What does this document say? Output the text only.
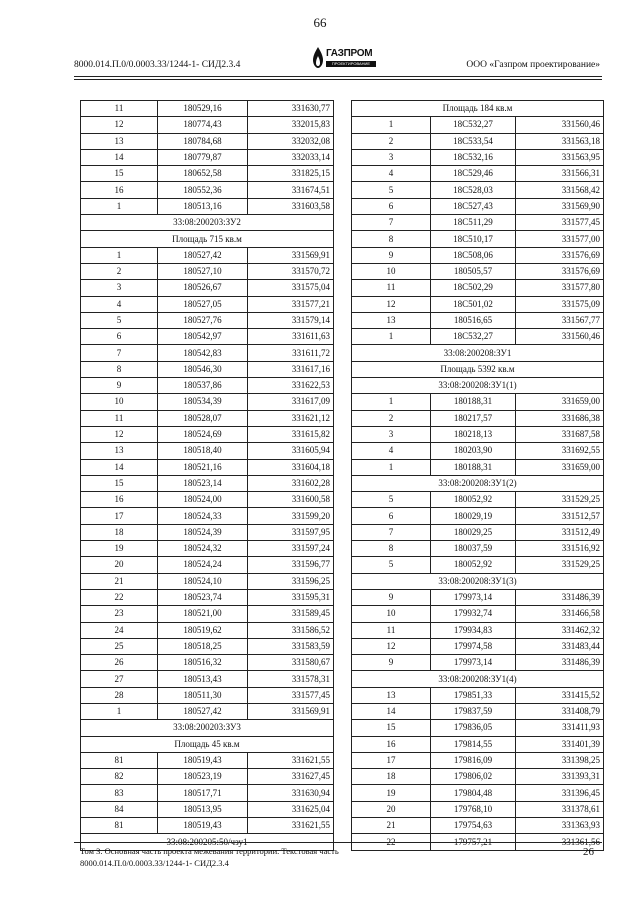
66
8000.014.П.0/0.0003.33/1244-1- СИД2.3.4
ГАЗПРОМ
ПРОЕКТИРОВАНИЕ	ООО «Газпром проектирование»
11	180529,16	331630,77
12	180774,43	332015,83
13	180784,68	332032,08
14	180779,87	332033,14
15	180652,58	331825,15
16	180552,36	331674,51
1	180513,16	331603,58
33:08:200203:ЗУ2		
Площадь 715 кв.м		
1	180527,42	331569,91
2	180527,10	331570,72
3	180526,67	331575,04
4	180527,05	331577,21
5	180527,76	331579,14
6	180542,97	331611,63
7	180542,83	331611,72
8	180546,30	331617,16
9	180537,86	331622,53
10	180534,39	331617,09
11	180528,07	331621,12
12	180524,69	331615,82
13	180518,40	331605,94
14	180521,16	331604,18
15	180523,14	331602,28
16	180524,00	331600,58
17	180524,33	331599,20
18	180524,39	331597,95
19	180524,32	331597,24
20	180524,24	331596,77
21	180524,10	331596,25
22	180523,74	331595,31
23	180521,00	331589,45
24	180519,62	331586,52
25	180518,25	331583,59
26	180516,32	331580,67
27	180513,43	331578,31
28	180511,30	331577,45
1	180527,42	331569,91
33:08:200203:ЗУ3		
Площадь 45 кв.м		
81	180519,43	331621,55
82	180523,19	331627,45
83	180517,71	331630,94
84	180513,95	331625,04
81	180519,43	331621,55
33:08:200205:50/чзу1		
Площадь 184 кв.м		
1	18C532,27	331560,46
2	18C533,54	331563,18
3	18C532,16	331563,95
4	18C529,46	331566,31
5	18C528,03	331568,42
6	18C527,43	331569,90
7	18C511,29	331577,45
8	18C510,17	331577,00
9	18C508,06	331576,69
10	180505,57	331576,69
11	18C502,29	331577,80
12	18C501,02	331575,09
13	180516,65	331567,77
1	18C532,27	331560,46
33:08:200208:ЗУ1		
Площадь 5392 кв.м		
33:08:200208:ЗУ1(1)		
1	180188,31	331659,00
2	180217,57	331686,38
3	180218,13	331687,58
4	180203,90	331692,55
1	180188,31	331659,00
33:08:200208:ЗУ1(2)		
5	180052,92	331529,25
6	180029,19	331512,57
7	180029,25	331512,49
8	180037,59	331516,92
5	180052,92	331529,25
33:08:200208:ЗУ1(3)		
9	179973,14	331486,39
10	179932,74	331466,58
11	179934,83	331462,32
12	179974,58	331483,44
9	179973,14	331486,39
33:08:200208:ЗУ1(4)		
13	179851,33	331415,52
14	179837,59	331408,79
15	179836,05	331411,93
16	179814,55	331401,39
17	179816,09	331398,25
18	179806,02	331393,31
19	179804,48	331396,45
20	179768,10	331378,61
21	179754,63	331363,93
22	179757,21	331361,56
Том 3. Основная часть проекта межевания территории. Текстовая часть
8000.014.П.0/0.0003.33/1244-1- СИД2.3.4
26
